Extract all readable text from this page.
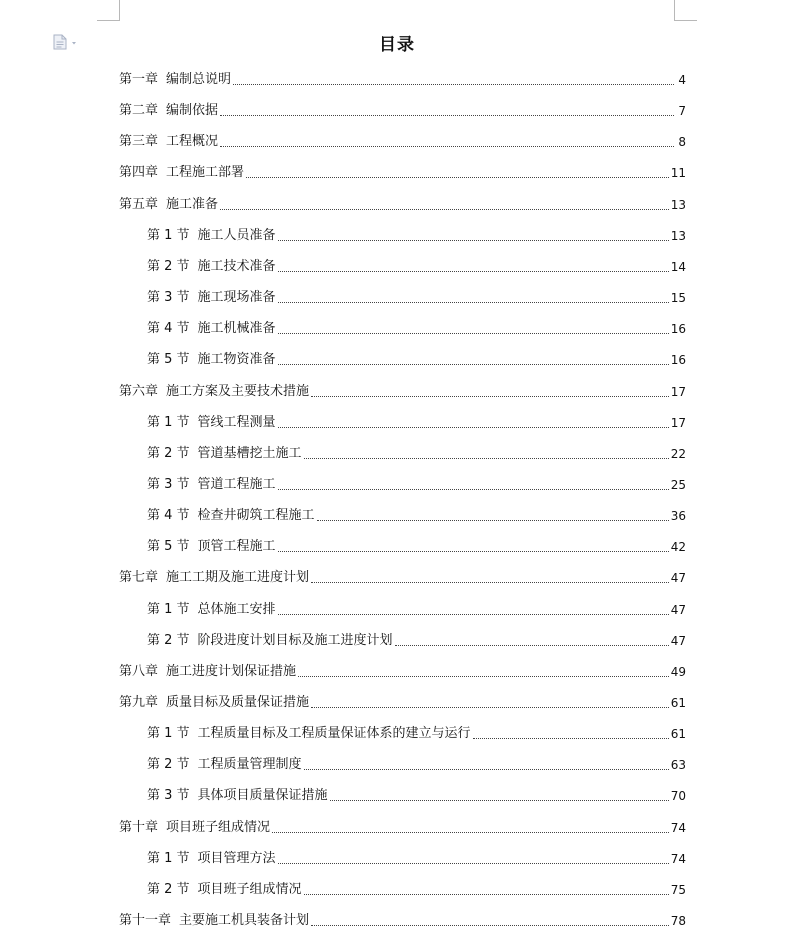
目录
第一章 编制总说明	4
第二章 编制依据	7
第三章 工程概况	8
第四章 工程施工部署	11
第五章 施工准备	13
第 1 节 施工人员准备	13
第 2 节 施工技术准备	14
第 3 节 施工现场准备	15
第 4 节 施工机械准备	16
第 5 节 施工物资准备	16
第六章 施工方案及主要技术措施	17
第 1 节 管线工程测量	17
第 2 节 管道基槽挖土施工	22
第 3 节 管道工程施工	25
第 4 节 检查井砌筑工程施工	36
第 5 节 顶管工程施工	42
第七章 施工工期及施工进度计划	47
第 1 节 总体施工安排	47
第 2 节 阶段进度计划目标及施工进度计划	47
第八章 施工进度计划保证措施	49
第九章 质量目标及质量保证措施	61
第 1 节 工程质量目标及工程质量保证体系的建立与运行	61
第 2 节 工程质量管理制度	63
第 3 节 具体项目质量保证措施	70
第十章 项目班子组成情况	74
第 1 节 项目管理方法	74
第 2 节 项目班子组成情况	75
第十一章 主要施工机具装备计划	78
